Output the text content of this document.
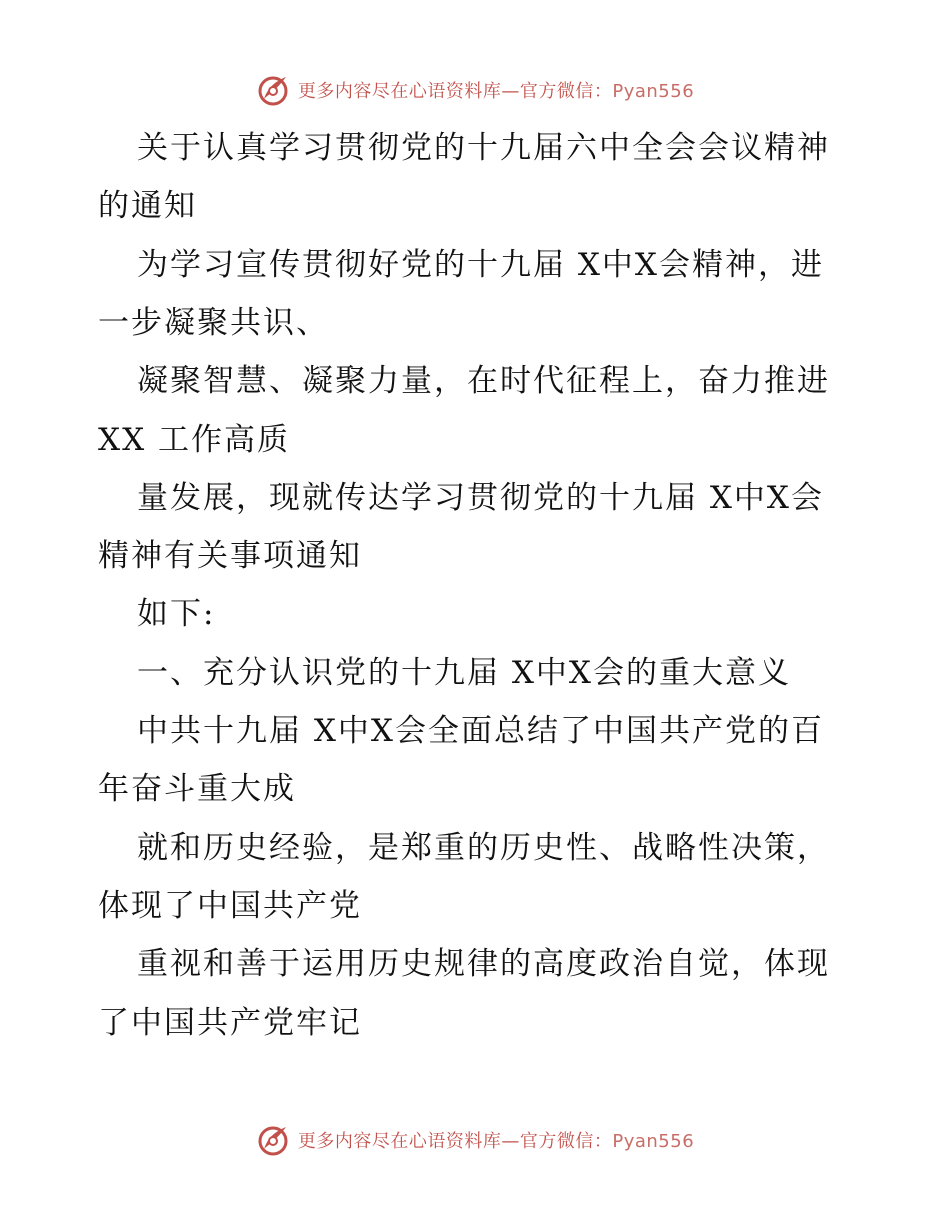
更多内容尽在心语资料库—官方微信：Pyan556
关于认真学习贯彻党的十九届六中全会会议精神
的通知
为学习宣传贯彻好党的十九届 X中X会精神，进
一步凝聚共识、
凝聚智慧、凝聚力量，在时代征程上，奋力推进
XX 工作高质
量发展，现就传达学习贯彻党的十九届 X中X会
精神有关事项通知
如下:
一、充分认识党的十九届 X中X会的重大意义
中共十九届 X中X会全面总结了中国共产党的百
年奋斗重大成
就和历史经验，是郑重的历史性、战略性决策，
体现了中国共产党
重视和善于运用历史规律的高度政治自觉，体现
了中国共产党牢记
更多内容尽在心语资料库—官方微信：Pyan556
